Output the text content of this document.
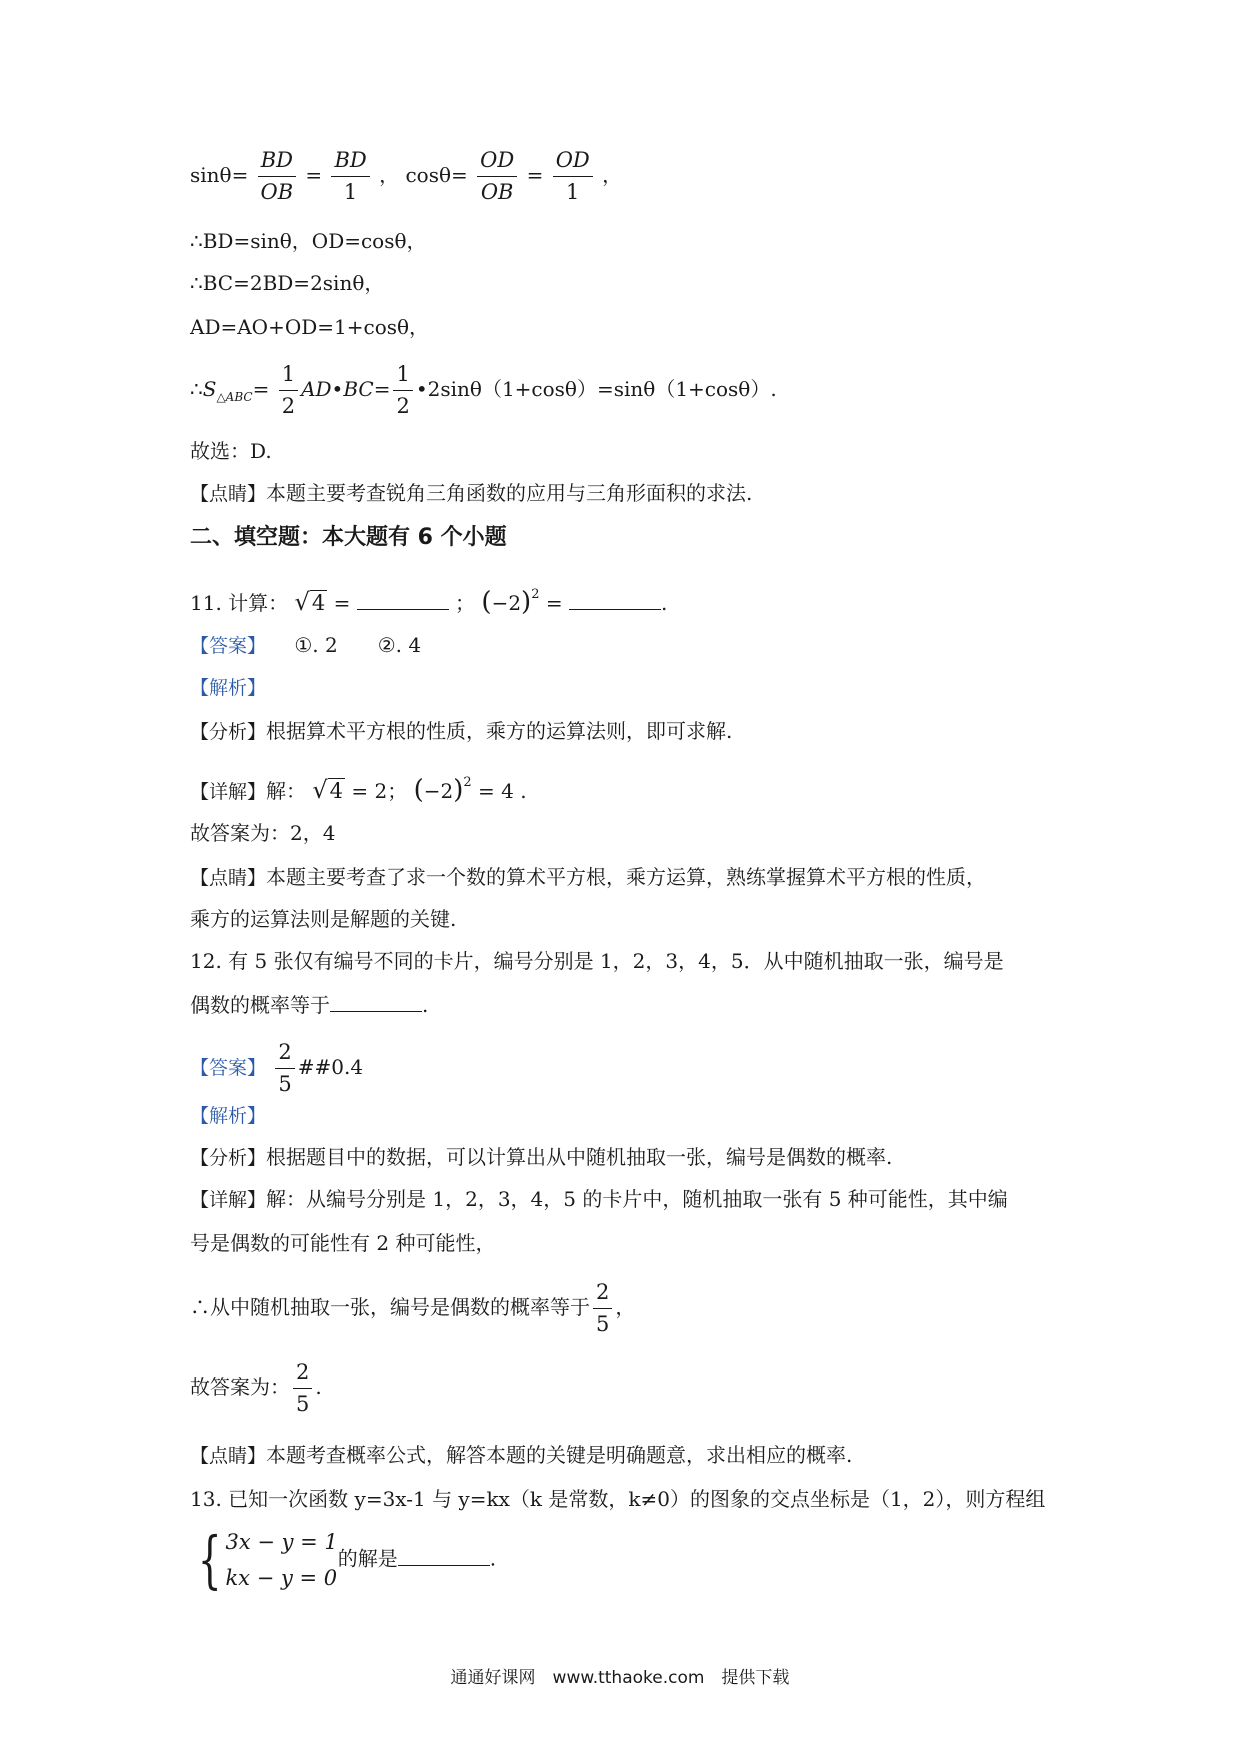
$\sin\theta= \frac{BD}{OB} = \frac{BD}{1}$ ， $\cos\theta= \frac{OD}{OB} = \frac{OD}{1}$ ，
∴BD=sinθ，OD=cosθ，
∴BC=2BD=2sinθ，
AD=AO+OD=1+cosθ，
$\therefore S_{\triangle ABC}= \frac{1}{2}$ AD•BC= $\frac{1}{2}$ •2sinθ（1+cosθ）=sinθ（1+cosθ）.
故选：D.
【点睛】本题主要考查锐角三角函数的应用与三角形面积的求法.
二、填空题：本大题有 6 个小题
11. 计算： √4 =	； $(-2)^2$ =	.
【答案】 ①. 2　　②. 4
【解析】
【分析】根据算术平方根的性质，乘方的运算法则，即可求解.
【详解】解： √4 = 2； $(-2)^2 = 4$ .
故答案为：2，4
【点睛】本题主要考查了求一个数的算术平方根，乘方运算，熟练掌握算术平方根的性质，
乘方的运算法则是解题的关键.
12. 有 5 张仅有编号不同的卡片，编号分别是 1，2，3，4，5．从中随机抽取一张，编号是
偶数的概率等于	.
【答案】 $\frac{2}{5}$ ##0.4
【解析】
【分析】根据题目中的数据，可以计算出从中随机抽取一张，编号是偶数的概率.
【详解】解：从编号分别是 1，2，3，4，5 的卡片中，随机抽取一张有 5 种可能性，其中编
号是偶数的可能性有 2 种可能性，
∴从中随机抽取一张，编号是偶数的概率等于 $\frac{2}{5}$ ，
故答案为： $\frac{2}{5}$ .
【点睛】本题考查概率公式，解答本题的关键是明确题意，求出相应的概率.
13. 已知一次函数 y=3x-1 与 y=kx（k 是常数，k≠0）的图象的交点坐标是（1，2），则方程组
{ 3x − y = 1
kx − y = 0
的解是	.
通通好课网　www.tthaoke.com　提供下载
